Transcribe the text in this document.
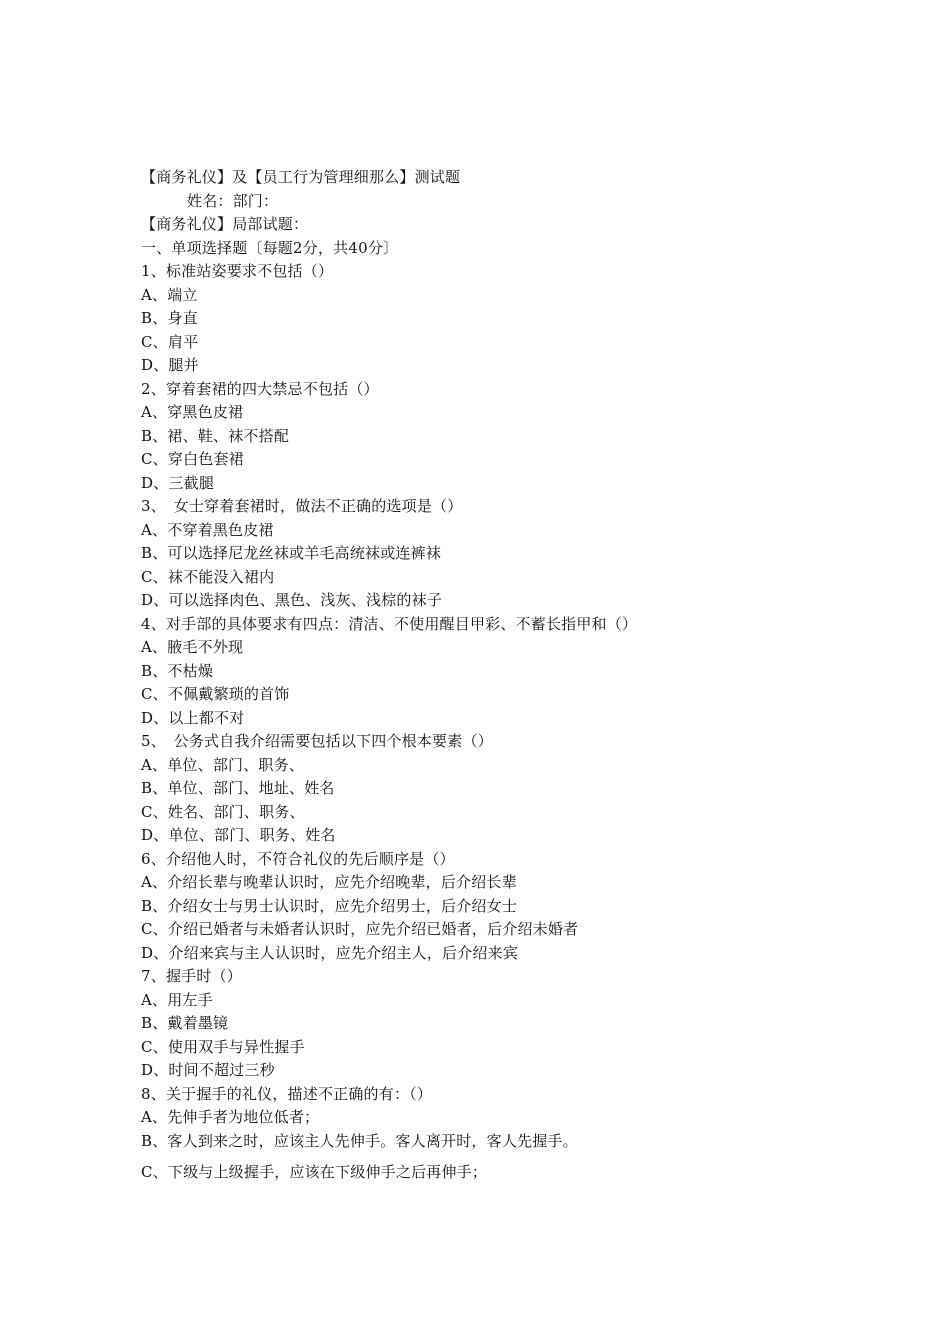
【商务礼仪】及【员工行为管理细那么】测试题
姓名：部门：
【商务礼仪】局部试题：
一、单项选择题〔每题2分，共40分〕
1、标准站姿要求不包括（）
A、端立
B、身直
C、肩平
D、腿并
2、穿着套裙的四大禁忌不包括（）
A、穿黑色皮裙
B、裙、鞋、袜不搭配
C、穿白色套裙
D、三截腿
3、　女士穿着套裙时，做法不正确的选项是（）
A、不穿着黑色皮裙
B、可以选择尼龙丝袜或羊毛高统袜或连裤袜
C、袜不能没入裙内
D、可以选择肉色、黑色、浅灰、浅棕的袜子
4、对手部的具体要求有四点：清洁、不使用醒目甲彩、不蓄长指甲和（）
A、腋毛不外现
B、不枯燥
C、不佩戴繁琐的首饰
D、以上都不对
5、　公务式自我介绍需要包括以下四个根本要素（）
A、单位、部门、职务、
B、单位、部门、地址、姓名
C、姓名、部门、职务、
D、单位、部门、职务、姓名
6、介绍他人时，不符合礼仪的先后顺序是（）
A、介绍长辈与晚辈认识时，应先介绍晚辈，后介绍长辈
B、介绍女士与男士认识时，应先介绍男士，后介绍女士
C、介绍已婚者与未婚者认识时，应先介绍已婚者，后介绍未婚者
D、介绍来宾与主人认识时，应先介绍主人，后介绍来宾
7、握手时（）
A、用左手
B、戴着墨镜
C、使用双手与异性握手
D、时间不超过三秒
8、关于握手的礼仪，描述不正确的有：（）
A、先伸手者为地位低者；
B、客人到来之时，应该主人先伸手。客人离开时，客人先握手。
C、下级与上级握手，应该在下级伸手之后再伸手；
